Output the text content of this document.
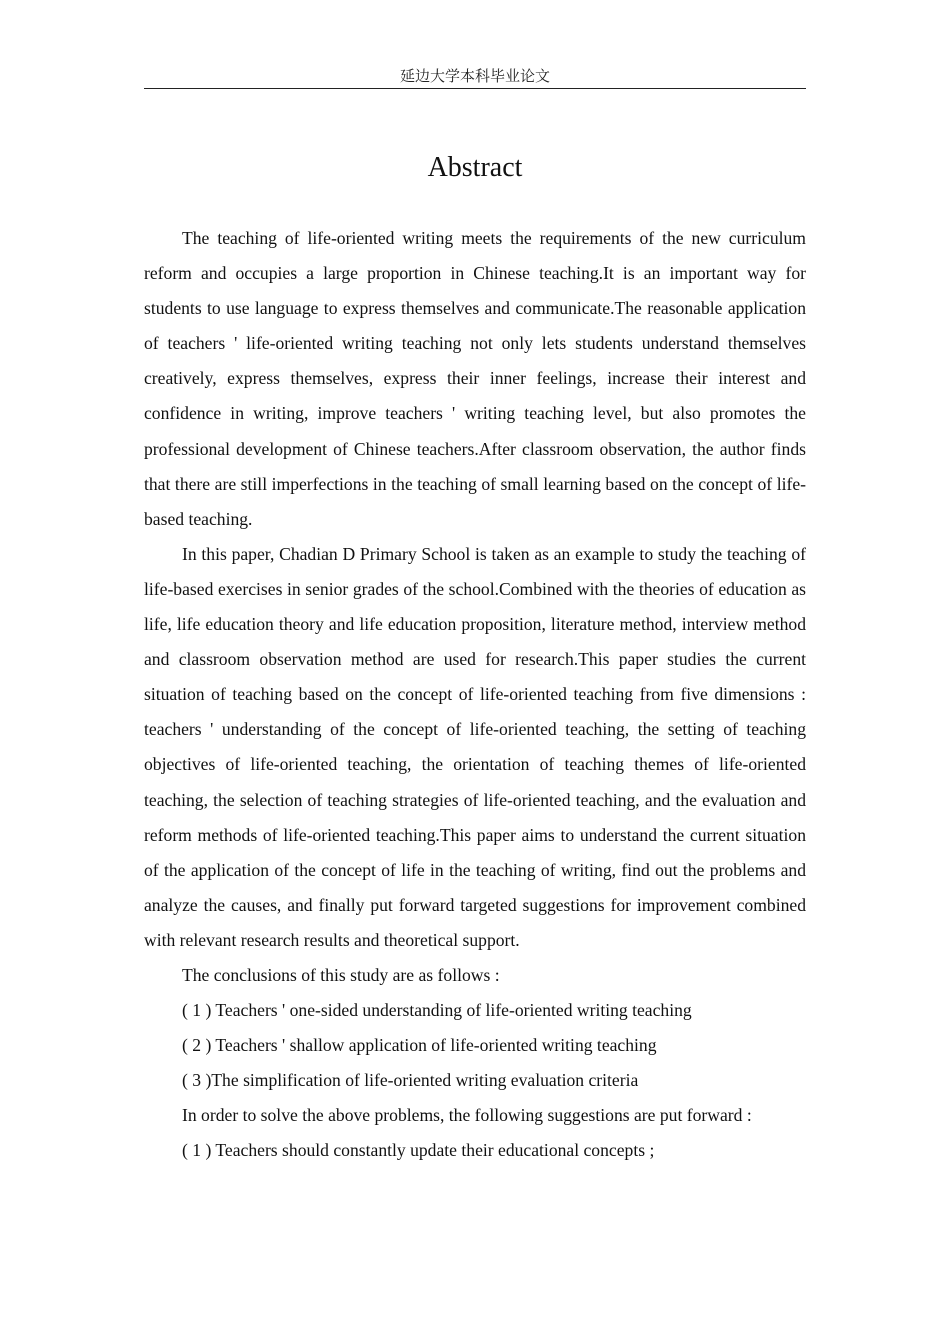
延边大学本科毕业论文
Abstract

The teaching of life-oriented writing meets the requirements of the new curriculum reform and occupies a large proportion in Chinese teaching.It is an important way for students to use language to express themselves and communicate.The reasonable application of teachers ' life-oriented writing teaching not only lets students understand themselves creatively, express themselves, express their inner feelings, increase their interest and confidence in writing, improve teachers ' writing teaching level, but also promotes the professional development of Chinese teachers.After classroom observation, the author finds that there are still imperfections in the teaching of small learning based on the concept of life-based teaching.

In this paper, Chadian D Primary School is taken as an example to study the teaching of life-based exercises in senior grades of the school.Combined with the theories of education as life, life education theory and life education proposition, literature method, interview method and classroom observation method are used for research.This paper studies the current situation of teaching based on the concept of life-oriented teaching from five dimensions : teachers ' understanding of the concept of life-oriented teaching, the setting of teaching objectives of life-oriented teaching, the orientation of teaching themes of life-oriented teaching, the selection of teaching strategies of life-oriented teaching, and the evaluation and reform methods of life-oriented teaching.This paper aims to understand the current situation of the application of the concept of life in the teaching of writing, find out the problems and analyze the causes, and finally put forward targeted suggestions for improvement combined with relevant research results and theoretical support.

The conclusions of this study are as follows :

( 1 ) Teachers ' one-sided understanding of life-oriented writing teaching

( 2 ) Teachers ' shallow application of life-oriented writing teaching

( 3 )The simplification of life-oriented writing evaluation criteria

In order to solve the above problems, the following suggestions are put forward :

( 1 ) Teachers should constantly update their educational concepts ;
